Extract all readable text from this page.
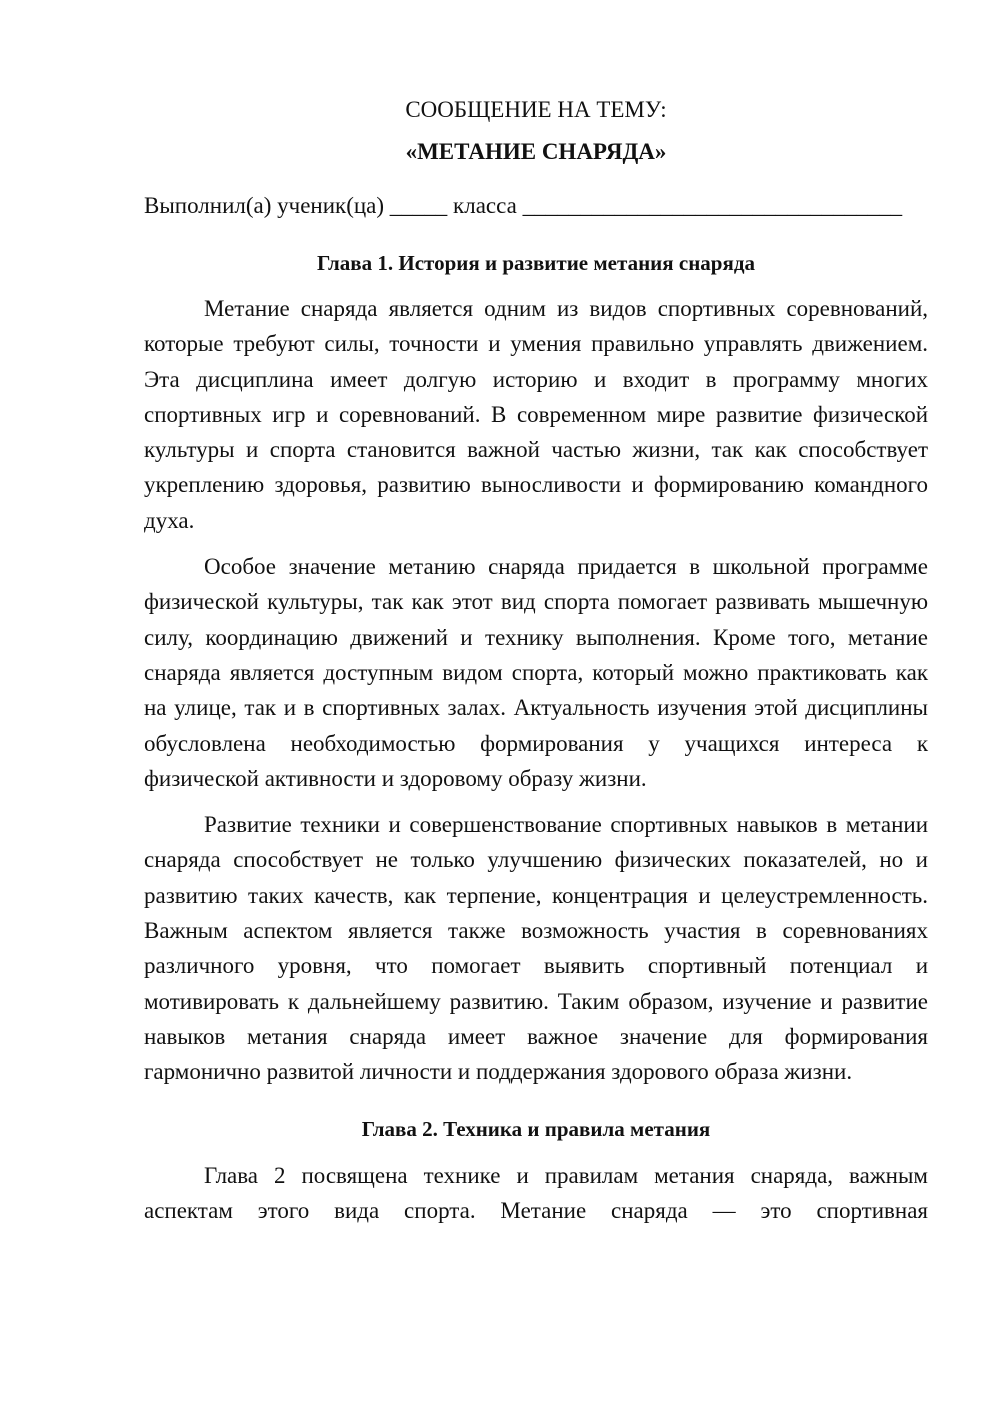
СООБЩЕНИЕ НА ТЕМУ:

«МЕТАНИЕ СНАРЯДА»

Выполнил(а) ученик(ца) _____ класса _________________________________

Глава 1. История и развитие метания снаряда

Метание снаряда является одним из видов спортивных соревнований, которые требуют силы, точности и умения правильно управлять движением. Эта дисциплина имеет долгую историю и входит в программу многих спортивных игр и соревнований. В современном мире развитие физической культуры и спорта становится важной частью жизни, так как способствует укреплению здоровья, развитию выносливости и формированию командного духа.

Особое значение метанию снаряда придается в школьной программе физической культуры, так как этот вид спорта помогает развивать мышечную силу, координацию движений и технику выполнения. Кроме того, метание снаряда является доступным видом спорта, который можно практиковать как на улице, так и в спортивных залах. Актуальность изучения этой дисциплины обусловлена необходимостью формирования у учащихся интереса к физической активности и здоровому образу жизни.

Развитие техники и совершенствование спортивных навыков в метании снаряда способствует не только улучшению физических показателей, но и развитию таких качеств, как терпение, концентрация и целеустремленность. Важным аспектом является также возможность участия в соревнованиях различного уровня, что помогает выявить спортивный потенциал и мотивировать к дальнейшему развитию. Таким образом, изучение и развитие навыков метания снаряда имеет важное значение для формирования гармонично развитой личности и поддержания здорового образа жизни.

Глава 2. Техника и правила метания

Глава 2 посвящена технике и правилам метания снаряда, важным аспектам этого вида спорта. Метание снаряда — это спортивная
